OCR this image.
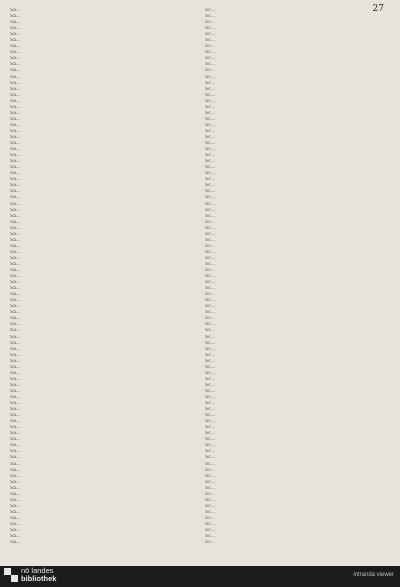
27
Sa...
Sa...
Sa...
Sa...
Sa...
Sa...
Sa...
Sa...
Sa...
Sa...
Sa...
Sa...
Sa...
Sa...
Sa...
Sa...
Sa...
Sa...
Sa...
Sa...
Sa...
Sa...
Sa...
Sa...
Sa...
Sa...
Sa...
Sa...
Sa...
Sa...
Sa...
Sa...
Sa...
Sa...
Sa...
Sa...
Sa...
Sa...
Sa...
Sa...
Sa...
Sa...
Sa...
Sa...
Sa...
Sa...
Sa...
Sa...
Sa...
Sa...
Sa...
Sa...
Sa...
Sa...
Sa...
Sa...
Sa...
Sa...
Sa...
Sa...
Sa...
Sa...
Sa...
Sa...
Sa...
Sa...
Sa...
Sa...
Sa...
Sa...
Sa...
Sa...
Sa...
Sa...
Sa...
Sa...
Sa...
Sa...
Sa...
Sa...
Sa...
Sa...
Sa...
Sa...
Sa...
Sa...
Sa...
Sa...
Sa...
Sc...
Sc...
Sc...
Sc...
Sc...
Sc...
Sc...
Sc...
Sc...
Sc...
Sc...
Sc...
Sc...
Sc...
Sc...
Sc...
Sc...
Sc...
Sc...
Sc...
Sc...
Sc...
Sc...
Sc...
Sc...
Sc...
Sc...
Sc...
Sc...
Sc...
Sc...
Sc...
Sc...
Sc...
Sc...
Sc...
Sc...
Sc...
Sc...
Sc...
Sc...
Sc...
Sc...
Sc...
Sc...
Sc...
Sc...
Sc...
Sc...
Sc...
Sc...
Sc...
Sc...
Sc...
Sc...
Sc...
Sc...
Sc...
Sc...
Sc...
Sc...
Sc...
Sc...
Sc...
Sc...
Sc...
Sc...
Sc...
Sc...
Sc...
Sc...
Sc...
Sc...
Sc...
Sc...
Sc...
Sc...
Sc...
Sc...
Sc...
Sc...
Sc...
Sc...
Sc...
Sc...
Sc...
Sc...
Sc...
Sc...
nö landes
bibliothek	intranda viewer
